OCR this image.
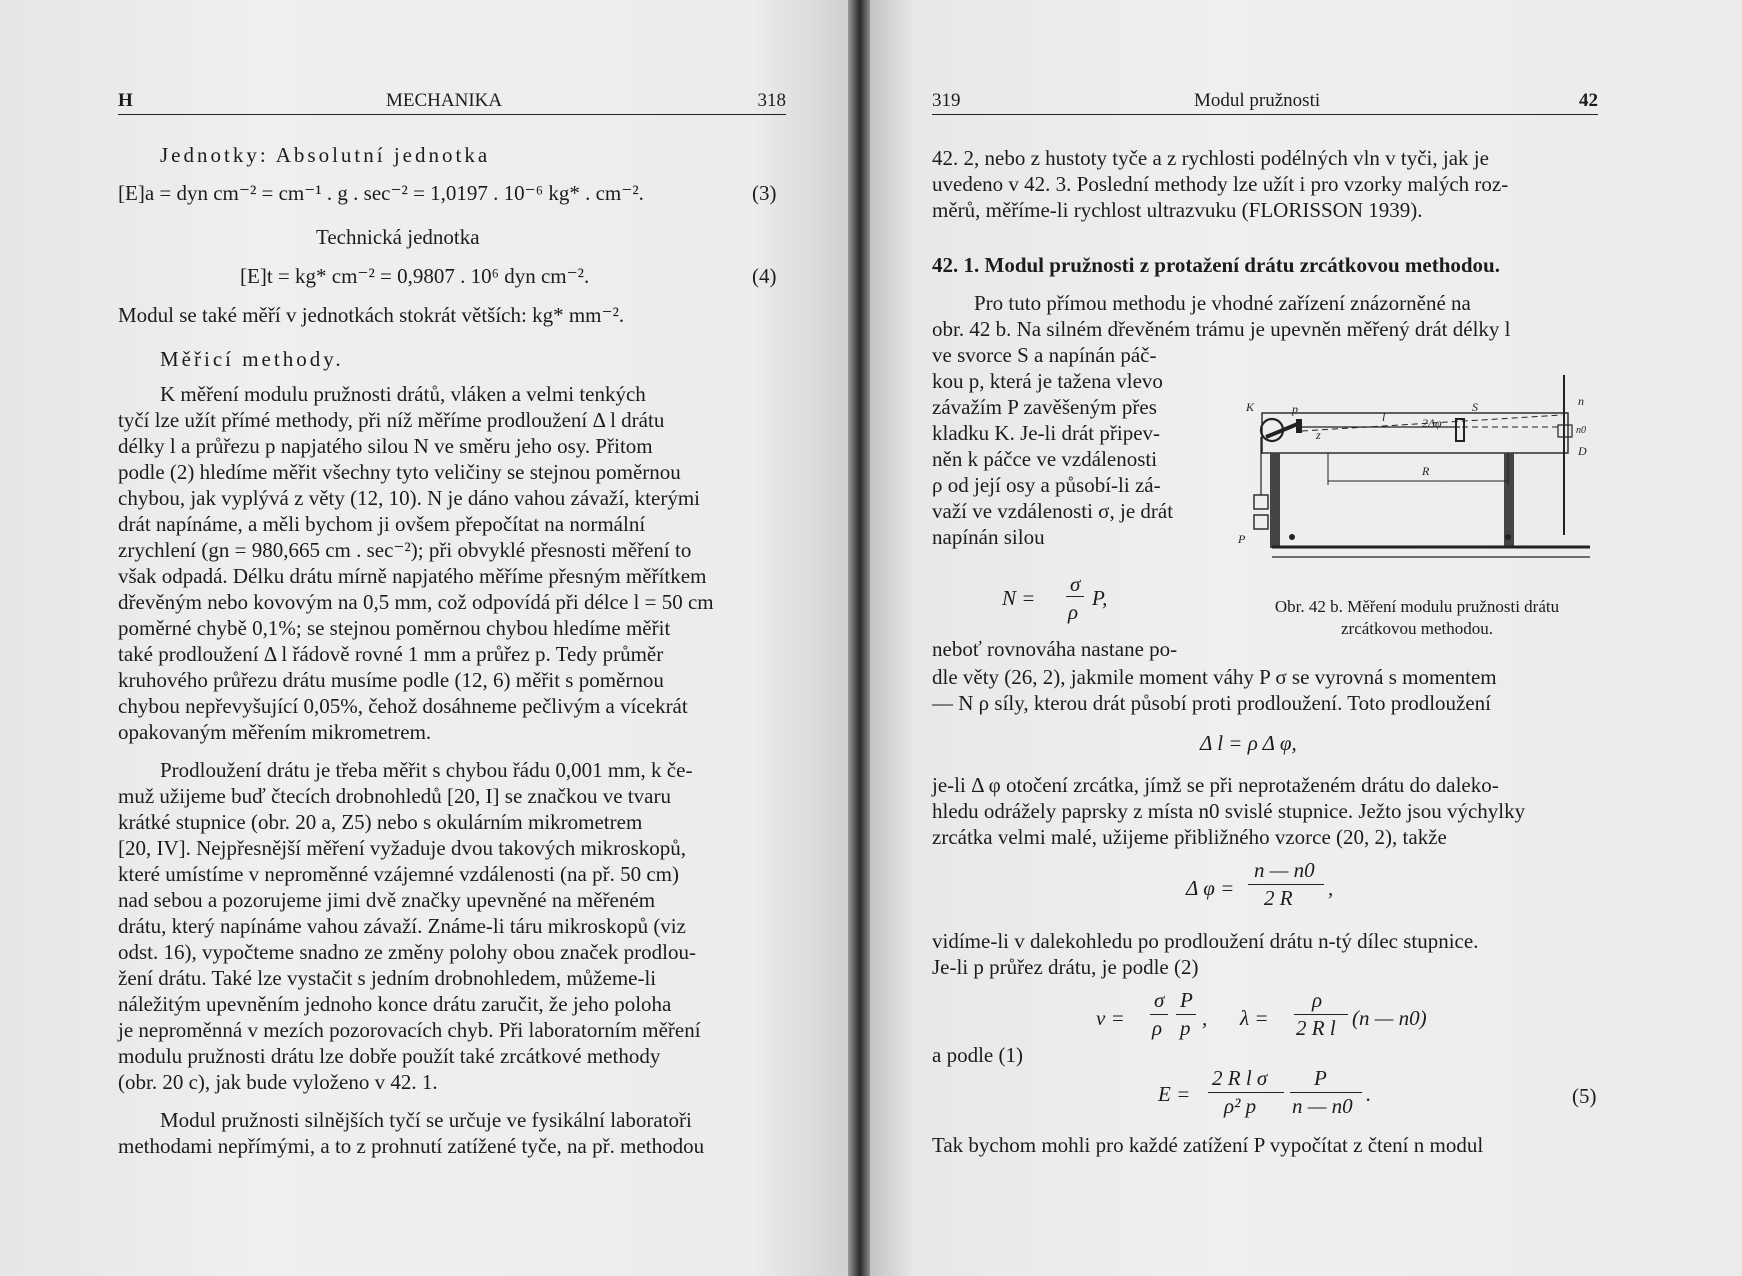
H	MECHANIKA	318
Jednotky: Absolutní jednotka
[E]a = dyn cm⁻² = cm⁻¹ . g . sec⁻² = 1,0197 . 10⁻⁶ kg* . cm⁻².	(3)
Technická jednotka
[E]t = kg* cm⁻² = 0,9807 . 10⁶ dyn cm⁻².	(4)
Modul se také měří v jednotkách stokrát větších: kg* mm⁻².
Měřicí methody.
K měření modulu pružnosti drátů, vláken a velmi tenkých
tyčí lze užít přímé methody, při níž měříme prodloužení Δ l drátu
délky l a průřezu p napjatého silou N ve směru jeho osy. Přitom
podle (2) hledíme měřit všechny tyto veličiny se stejnou poměrnou
chybou, jak vyplývá z věty (12, 10). N je dáno vahou závaží, kterými
drát napínáme, a měli bychom ji ovšem přepočítat na normální
zrychlení (gn = 980,665 cm . sec⁻²); při obvyklé přesnosti měření to
však odpadá. Délku drátu mírně napjatého měříme přesným měřítkem
dřevěným nebo kovovým na 0,5 mm, což odpovídá při délce l = 50 cm
poměrné chybě 0,1%; se stejnou poměrnou chybou hledíme měřit
také prodloužení Δ l řádově rovné 1 mm a průřez p. Tedy průměr
kruhového průřezu drátu musíme podle (12, 6) měřit s poměrnou
chybou nepřevyšující 0,05%, čehož dosáhneme pečlivým a vícekrát
opakovaným měřením mikrometrem.
Prodloužení drátu je třeba měřit s chybou řádu 0,001 mm, k če-
muž užijeme buď čtecích drobnohledů [20, I] se značkou ve tvaru
krátké stupnice (obr. 20 a, Z5) nebo s okulárním mikrometrem
[20, IV]. Nejpřesnější měření vyžaduje dvou takových mikroskopů,
které umístíme v neproměnné vzájemné vzdálenosti (na př. 50 cm)
nad sebou a pozorujeme jimi dvě značky upevněné na měřeném
drátu, který napínáme vahou závaží. Známe-li táru mikroskopů (viz
odst. 16), vypočteme snadno ze změny polohy obou značek prodlou-
žení drátu. Také lze vystačit s jedním drobnohledem, můžeme-li
náležitým upevněním jednoho konce drátu zaručit, že jeho poloha
je neproměnná v mezích pozorovacích chyb. Při laboratorním měření
modulu pružnosti drátu lze dobře použít také zrcátkové methody
(obr. 20 c), jak bude vyloženo v 42. 1.
Modul pružnosti silnějších tyčí se určuje ve fysikální laboratoři
methodami nepřímými, a to z prohnutí zatížené tyče, na př. methodou
319	Modul pružnosti	42
42. 2, nebo z hustoty tyče a z rychlosti podélných vln v tyči, jak je
uvedeno v 42. 3. Poslední methody lze užít i pro vzorky malých roz-
měrů, měříme-li rychlost ultrazvuku (FLORISSON 1939).
42. 1. Modul pružnosti z protažení drátu zrcátkovou methodou.
Pro tuto přímou methodu je vhodné zařízení znázorněné na
obr. 42 b. Na silném dřevěném trámu je upevněn měřený drát délky l
ve svorce S a napínán páč-
kou p, která je tažena vlevo
závažím P zavěšeným přes
kladku K. Je-li drát připev-
něn k páčce ve vzdálenosti
ρ od její osy a působí-li zá-
važí ve vzdálenosti σ, je drát
napínán silou
K	p	S
l	2Δφ
z
R
P
n
n0
D
Obr. 42 b. Měření modulu pružnosti drátu
zrcátkovou methodou.
N =
σ
ρ
P,
neboť rovnováha nastane po-
dle věty (26, 2), jakmile moment váhy P σ se vyrovná s momentem
— N ρ síly, kterou drát působí proti prodloužení. Toto prodloužení
Δ l = ρ Δ φ,
je-li Δ φ otočení zrcátka, jímž se při neprotaženém drátu do daleko-
hledu odrážely paprsky z místa n0 svislé stupnice. Ježto jsou výchylky
zrcátka velmi malé, užijeme přibližného vzorce (20, 2), takže
Δ φ =
n — n0
2 R ,
vidíme-li v dalekohledu po prodloužení drátu n-tý dílec stupnice.
Je-li p průřez drátu, je podle (2)
ν =
σ
ρ
P
p , λ =
ρ
2 R l (n — n0)
a podle (1)
E =
2 R l σ
ρ² p
P
n — n0 .	(5)
Tak bychom mohli pro každé zatížení P vypočítat z čtení n modul
